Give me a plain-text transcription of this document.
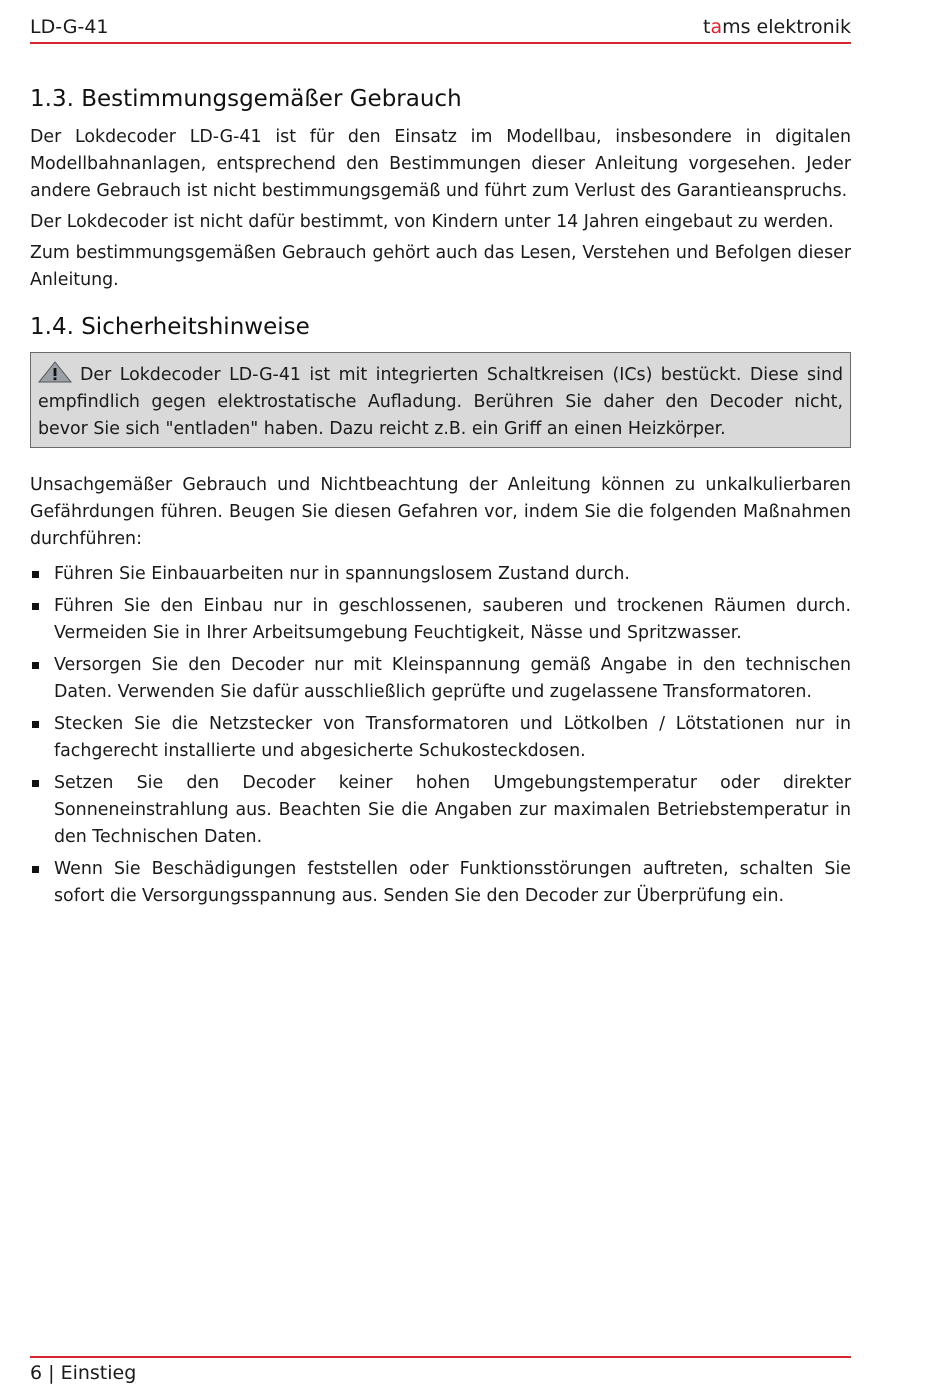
LD-G-41	tams elektronik
1.3. Bestimmungsgemäßer Gebrauch

Der Lokdecoder LD-G-41 ist für den Einsatz im Modellbau, insbesondere in digitalen Modellbahnanlagen, entsprechend den Bestimmungen dieser Anleitung vorgesehen. Jeder andere Gebrauch ist nicht bestimmungsgemäß und führt zum Verlust des Garantieanspruchs.

Der Lokdecoder ist nicht dafür bestimmt, von Kindern unter 14 Jahren eingebaut zu werden.

Zum bestimmungsgemäßen Gebrauch gehört auch das Lesen, Verstehen und Befolgen dieser Anleitung.

1.4. Sicherheitshinweise
Der Lokdecoder LD-G-41 ist mit integrierten Schaltkreisen (ICs) bestückt. Diese sind empfindlich gegen elektrostatische Aufladung. Berühren Sie daher den Decoder nicht, bevor Sie sich "entladen" haben. Dazu reicht z.B. ein Griff an einen Heizkörper.

Unsachgemäßer Gebrauch und Nichtbeachtung der Anleitung können zu unkalkulierbaren Gefährdungen führen. Beugen Sie diesen Gefahren vor, indem Sie die folgenden Maßnahmen durchführen:

Führen Sie Einbauarbeiten nur in spannungslosem Zustand durch.
Führen Sie den Einbau nur in geschlossenen, sauberen und trockenen Räumen durch. Vermeiden Sie in Ihrer Arbeitsumgebung Feuchtigkeit, Nässe und Spritzwasser.
Versorgen Sie den Decoder nur mit Kleinspannung gemäß Angabe in den technischen Daten. Verwenden Sie dafür ausschließlich geprüfte und zugelassene Transformatoren.
Stecken Sie die Netzstecker von Transformatoren und Lötkolben / Lötstationen nur in fachgerecht installierte und abgesicherte Schukosteckdosen.
Setzen Sie den Decoder keiner hohen Umgebungstemperatur oder direkter Sonneneinstrahlung aus. Beachten Sie die Angaben zur maximalen Betriebstemperatur in den Technischen Daten.
Wenn Sie Beschädigungen feststellen oder Funktionsstörungen auftreten, schalten Sie sofort die Versorgungsspannung aus. Senden Sie den Decoder zur Überprüfung ein.
6 | Einstieg
